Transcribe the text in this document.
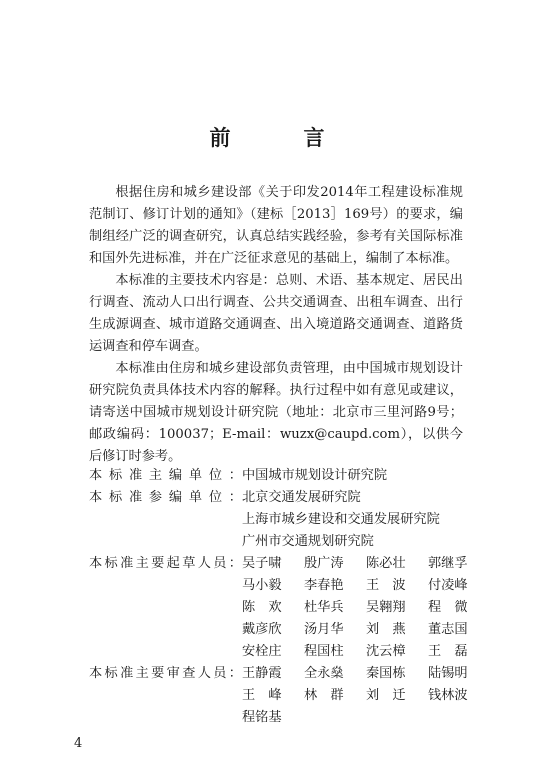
前　言

根据住房和城乡建设部《关于印发2014年工程建设标准规范制订、修订计划的通知》（建标［2013］169号）的要求，编制组经广泛的调查研究，认真总结实践经验，参考有关国际标准和国外先进标准，并在广泛征求意见的基础上，编制了本标准。

本标准的主要技术内容是：总则、术语、基本规定、居民出行调查、流动人口出行调查、公共交通调查、出租车调查、出行生成源调查、城市道路交通调查、出入境道路交通调查、道路货运调查和停车调查。

本标准由住房和城乡建设部负责管理，由中国城市规划设计研究院负责具体技术内容的解释。执行过程中如有意见或建议，请寄送中国城市规划设计研究院（地址：北京市三里河路9号；邮政编码：100037；E-mail：wuzx@caupd.com），以供今后修订时参考。

本标准主编单位： 中国城市规划设计研究院
本标准参编单位： 北京交通发展研究院
上海市城乡建设和交通发展研究院
广州市交通规划研究院
本标准主要起草人员： 吴子啸	殷广涛	陈必壮	郭继孚
马小毅	李春艳	王　波	付凌峰
陈　欢	杜华兵	吴翱翔	程　微
戴彦欣	汤月华	刘　燕	董志国
安栓庄	程国柱	沈云樟	王　磊
本标准主要审查人员： 王静霞	全永燊	秦国栋	陆锡明
王　峰	林　群	刘　迁	钱林波
程铭基
4
